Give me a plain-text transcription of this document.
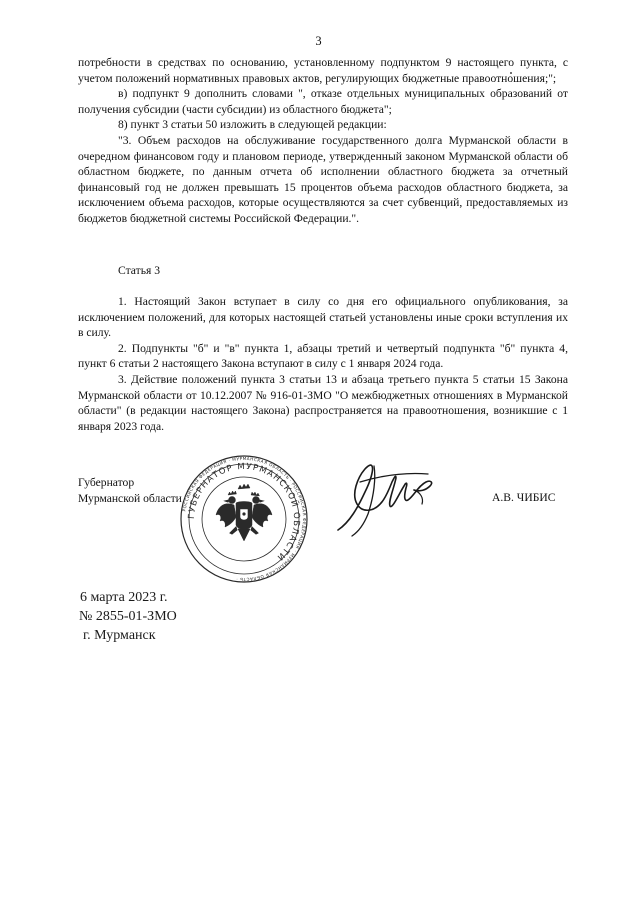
3

потребности в средствах по основанию, установленному подпунктом 9 настоящего пункта, с учетом положений нормативных правовых актов, регулирующих бюджетные правоотношения;";

в) подпункт 9 дополнить словами ", отказе отдельных муниципальных образований от получения субсидии (части субсидии) из областного бюджета";

8) пункт 3 статьи 50 изложить в следующей редакции:

"3. Объем расходов на обслуживание государственного долга Мурманской области в очередном финансовом году и плановом периоде, утвержденный законом Мурманской области об областном бюджете, по данным отчета об исполнении областного бюджета за отчетный финансовый год не должен превышать 15 процентов объема расходов областного бюджета, за исключением объема расходов, которые осуществляются за счет субвенций, предоставляемых из бюджетов бюджетной системы Российской Федерации.".

Статья 3

1. Настоящий Закон вступает в силу со дня его официального опубликования, за исключением положений, для которых настоящей статьей установлены иные сроки вступления их в силу.

2. Подпункты "б" и "в" пункта 1, абзацы третий и четвертый подпункта "б" пункта 4, пункт 6 статьи 2 настоящего Закона вступают в силу с 1 января 2024 года.

3. Действие положений пункта 3 статьи 13 и абзаца третьего пункта 5 статьи 15 Закона Мурманской области от 10.12.2007 № 916-01-ЗМО "О межбюджетных отношениях в Мурманской области" (в редакции настоящего Закона) распространяется на правоотношения, возникшие с 1 января 2023 года.

Губернатор
Мурманской области
РОССИЙСКАЯ ФЕДЕРАЦИЯ · МУРМАНСКАЯ ОБЛАСТЬ · РОССИЙСКАЯ ФЕДЕРАЦИЯ · МУРМАНСКАЯ ОБЛАСТЬ ·
ГУБЕРНАТОР МУРМАНСКОЙ ОБЛАСТИ
А.В. ЧИБИС
6 марта 2023 г.
№ 2855-01-ЗМО
г. Мурманск
